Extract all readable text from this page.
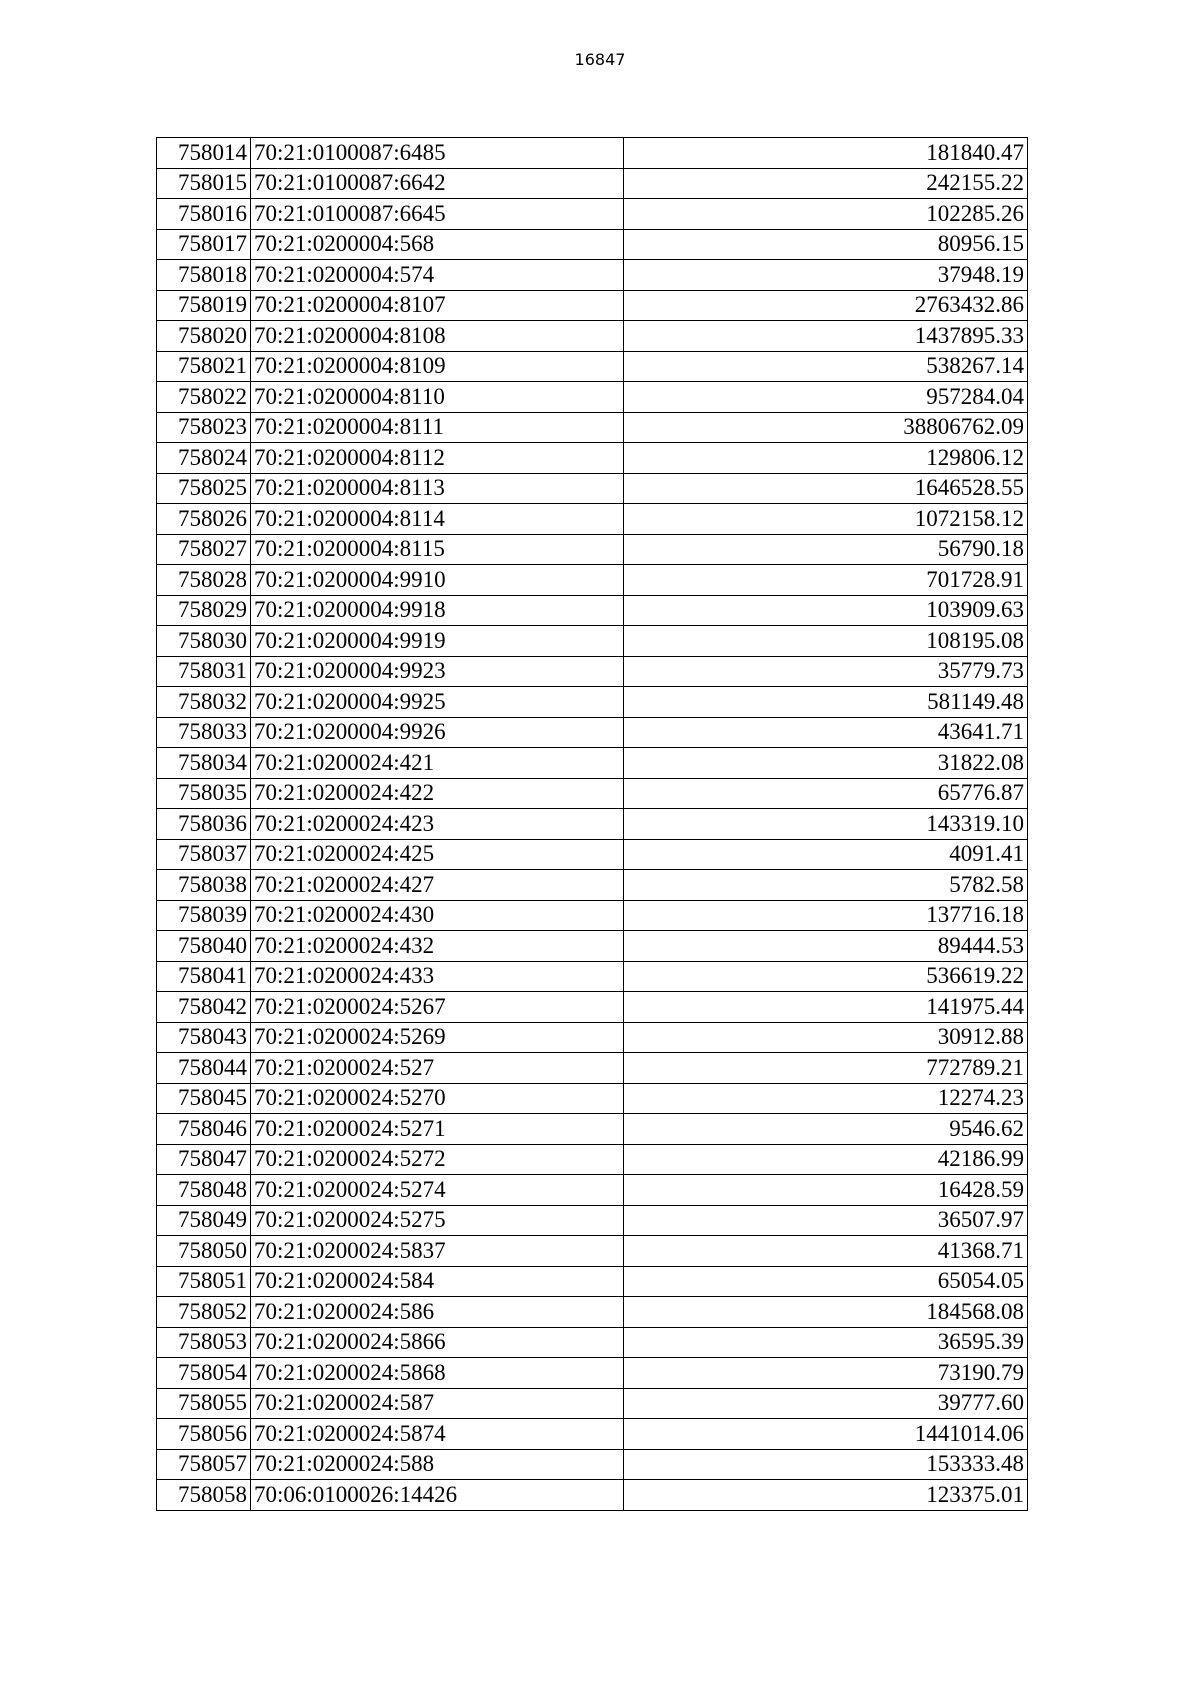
16847
758014	70:21:0100087:6485	181840.47
758015	70:21:0100087:6642	242155.22
758016	70:21:0100087:6645	102285.26
758017	70:21:0200004:568	80956.15
758018	70:21:0200004:574	37948.19
758019	70:21:0200004:8107	2763432.86
758020	70:21:0200004:8108	1437895.33
758021	70:21:0200004:8109	538267.14
758022	70:21:0200004:8110	957284.04
758023	70:21:0200004:8111	38806762.09
758024	70:21:0200004:8112	129806.12
758025	70:21:0200004:8113	1646528.55
758026	70:21:0200004:8114	1072158.12
758027	70:21:0200004:8115	56790.18
758028	70:21:0200004:9910	701728.91
758029	70:21:0200004:9918	103909.63
758030	70:21:0200004:9919	108195.08
758031	70:21:0200004:9923	35779.73
758032	70:21:0200004:9925	581149.48
758033	70:21:0200004:9926	43641.71
758034	70:21:0200024:421	31822.08
758035	70:21:0200024:422	65776.87
758036	70:21:0200024:423	143319.10
758037	70:21:0200024:425	4091.41
758038	70:21:0200024:427	5782.58
758039	70:21:0200024:430	137716.18
758040	70:21:0200024:432	89444.53
758041	70:21:0200024:433	536619.22
758042	70:21:0200024:5267	141975.44
758043	70:21:0200024:5269	30912.88
758044	70:21:0200024:527	772789.21
758045	70:21:0200024:5270	12274.23
758046	70:21:0200024:5271	9546.62
758047	70:21:0200024:5272	42186.99
758048	70:21:0200024:5274	16428.59
758049	70:21:0200024:5275	36507.97
758050	70:21:0200024:5837	41368.71
758051	70:21:0200024:584	65054.05
758052	70:21:0200024:586	184568.08
758053	70:21:0200024:5866	36595.39
758054	70:21:0200024:5868	73190.79
758055	70:21:0200024:587	39777.60
758056	70:21:0200024:5874	1441014.06
758057	70:21:0200024:588	153333.48
758058	70:06:0100026:14426	123375.01
